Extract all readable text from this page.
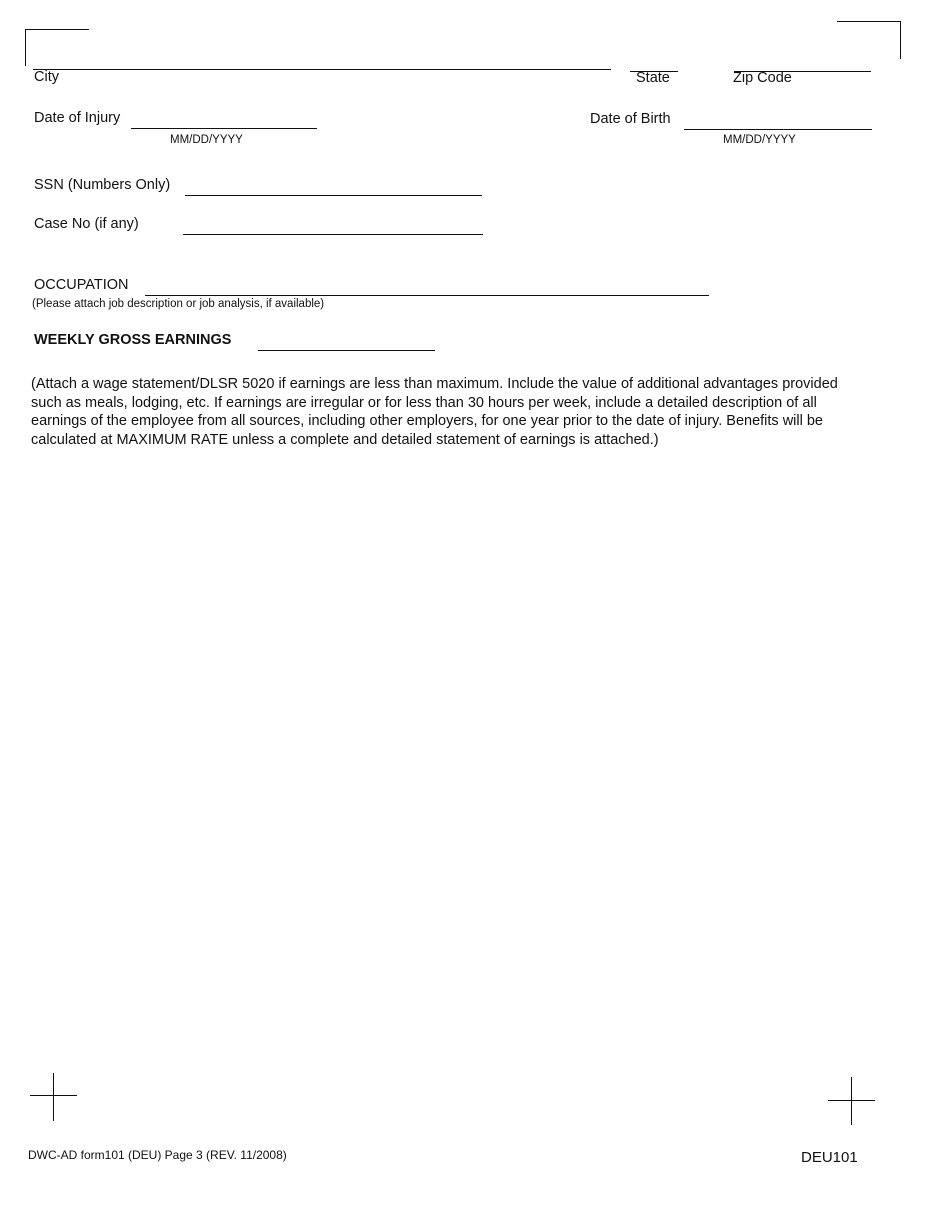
City	State	Zip Code
Date of Injury
MM/DD/YYYY
Date of Birth
MM/DD/YYYY
SSN (Numbers Only)
Case No (if any)
OCCUPATION
(Please attach job description or job analysis, if available)
WEEKLY GROSS EARNINGS
(Attach a wage statement/DLSR 5020 if earnings are less than maximum. Include the value of additional advantages provided such as meals, lodging, etc. If earnings are irregular or for less than 30 hours per week, include a detailed description of all earnings of the employee from all sources, including other employers, for one year prior to the date of injury. Benefits will be calculated at MAXIMUM RATE unless a complete and detailed statement of earnings is attached.)
DWC-AD form101 (DEU) Page 3 (REV. 11/2008)	DEU101
